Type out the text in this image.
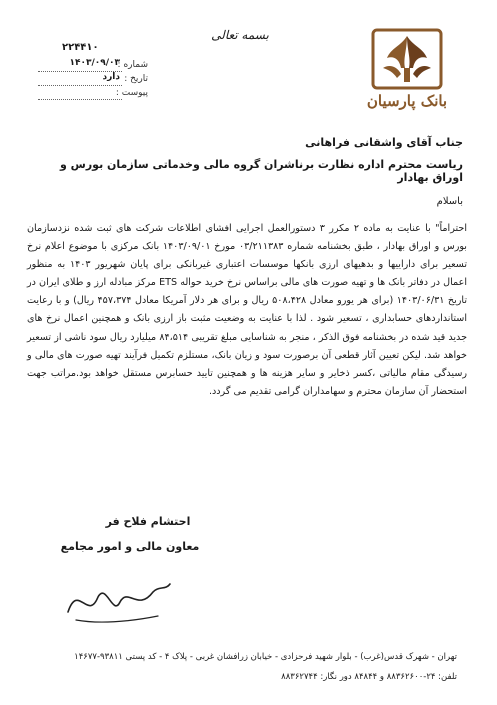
بانک پارسیان
بسمه تعالی
۲۲۴۴۱۰
شماره :
تاریخ :
۱۴۰۳/۰۹/۰۳
پیوست :
دارد
جناب آقای واشقانی فراهانی
ریاست محترم اداره نظارت برناشران گروه مالی وخدماتی سازمان بورس و اوراق بهادار
باسلام
احتراماً" با عنایت به ماده ۲ مکرر ۳ دستورالعمل اجرایی افشای اطلاعات شرکت های ثبت شده نزدسازمان بورس و اوراق بهادار ، طبق بخشنامه شماره ۰۳/۲۱۱۳۸۳ مورخ ۱۴۰۳/۰۹/۰۱ بانک مرکزی با موضوع اعلام نرخ تسعیر برای داراییها و بدهیهای ارزی بانکها موسسات اعتباری غیربانکی برای پایان شهریور ۱۴۰۳ به منظور اعمال در دفاتر بانک ها و تهیه صورت های مالی براساس نرخ خرید حواله ETS مرکز مبادله ارز و طلای ایران در تاریخ ۱۴۰۳/۰۶/۳۱ (برای هر یورو معادل ۵۰۸،۴۲۸ ریال و برای هر دلار آمریکا معادل ۴۵۷،۳۷۴ ریال) و با رعایت استانداردهای حسابداری ، تسعیر شود . لذا با عنایت به وضعیت مثبت باز ارزی بانک و همچنین اعمال نرخ های جدید قید شده در بخشنامه فوق الذکر ، منجر به شناسایی مبلغ تقریبی ۸۴،۵۱۴ میلیارد ریال سود ناشی از تسعیر خواهد شد. لیکن تعیین آثار قطعی آن برصورت سود و زیان بانک، مستلزم تکمیل فرآیند تهیه صورت های مالی و رسیدگی مقام مالیاتی ،کسر ذخایر و سایر هزینه ها و همچنین تایید حسابرس مستقل خواهد بود.مراتب جهت استحضار آن سازمان محترم و سهامداران گرامی تقدیم می گردد.
احتشام فلاح فر
معاون مالی و امور مجامع
تهران - شهرک قدس(غرب) - بلوار شهید فرحزادی - خیابان زرافشان غربی - پلاک ۴ - کد پستی ۹۳۸۱۱-۱۴۶۷۷
تلفن: ۲۴-۸۸۳۶۲۶۰۰ و ۸۴۸۴۴ دور نگار: ۸۸۳۶۲۷۴۴
